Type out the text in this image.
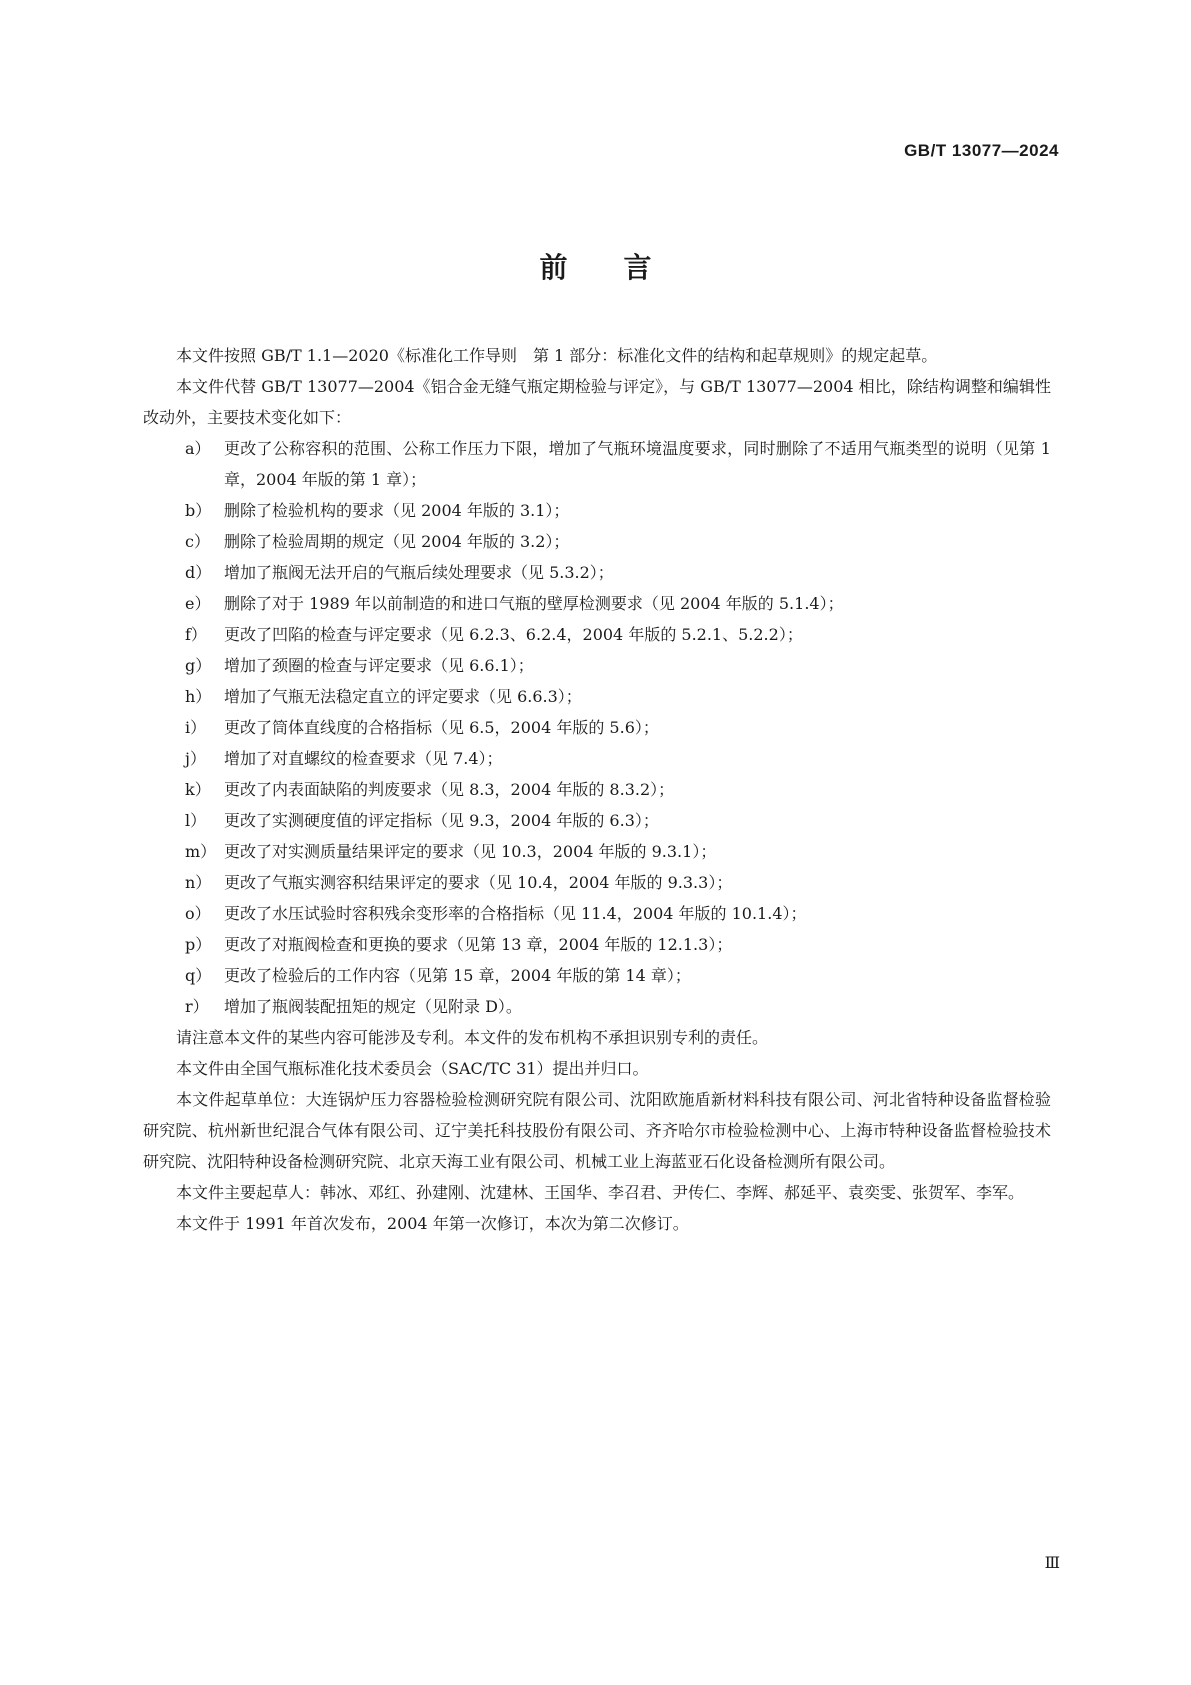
GB/T 13077—2024
前言

本文件按照 GB/T 1.1—2020《标准化工作导则　第 1 部分：标准化文件的结构和起草规则》的规定起草。

本文件代替 GB/T 13077—2004《铝合金无缝气瓶定期检验与评定》，与 GB/T 13077—2004 相比，除结构调整和编辑性改动外，主要技术变化如下：

a） 更改了公称容积的范围、公称工作压力下限，增加了气瓶环境温度要求，同时删除了不适用气瓶类型的说明（见第 1 章，2004 年版的第 1 章）；
b） 删除了检验机构的要求（见 2004 年版的 3.1）；
c） 删除了检验周期的规定（见 2004 年版的 3.2）；
d） 增加了瓶阀无法开启的气瓶后续处理要求（见 5.3.2）；
e） 删除了对于 1989 年以前制造的和进口气瓶的壁厚检测要求（见 2004 年版的 5.1.4）；
f）	更改了凹陷的检查与评定要求（见 6.2.3、6.2.4，2004 年版的 5.2.1、5.2.2）；
g） 增加了颈圈的检查与评定要求（见 6.6.1）；
h） 增加了气瓶无法稳定直立的评定要求（见 6.6.3）；
i）	更改了筒体直线度的合格指标（见 6.5，2004 年版的 5.6）；
j）	增加了对直螺纹的检查要求（见 7.4）；
k） 更改了内表面缺陷的判废要求（见 8.3，2004 年版的 8.3.2）；
l）	更改了实测硬度值的评定指标（见 9.3，2004 年版的 6.3）；
m） 更改了对实测质量结果评定的要求（见 10.3，2004 年版的 9.3.1）；
n） 更改了气瓶实测容积结果评定的要求（见 10.4，2004 年版的 9.3.3）；
o） 更改了水压试验时容积残余变形率的合格指标（见 11.4，2004 年版的 10.1.4）；
p） 更改了对瓶阀检查和更换的要求（见第 13 章，2004 年版的 12.1.3）；
q） 更改了检验后的工作内容（见第 15 章，2004 年版的第 14 章）；
r） 增加了瓶阀装配扭矩的规定（见附录 D）。

请注意本文件的某些内容可能涉及专利。本文件的发布机构不承担识别专利的责任。

本文件由全国气瓶标准化技术委员会（SAC/TC 31）提出并归口。

本文件起草单位：大连锅炉压力容器检验检测研究院有限公司、沈阳欧施盾新材料科技有限公司、河北省特种设备监督检验研究院、杭州新世纪混合气体有限公司、辽宁美托科技股份有限公司、齐齐哈尔市检验检测中心、上海市特种设备监督检验技术研究院、沈阳特种设备检测研究院、北京天海工业有限公司、机械工业上海蓝亚石化设备检测所有限公司。

本文件主要起草人：韩冰、邓红、孙建刚、沈建林、王国华、李召君、尹传仁、李辉、郝延平、袁奕雯、张贺军、李军。

本文件于 1991 年首次发布，2004 年第一次修订，本次为第二次修订。

Ⅲ
